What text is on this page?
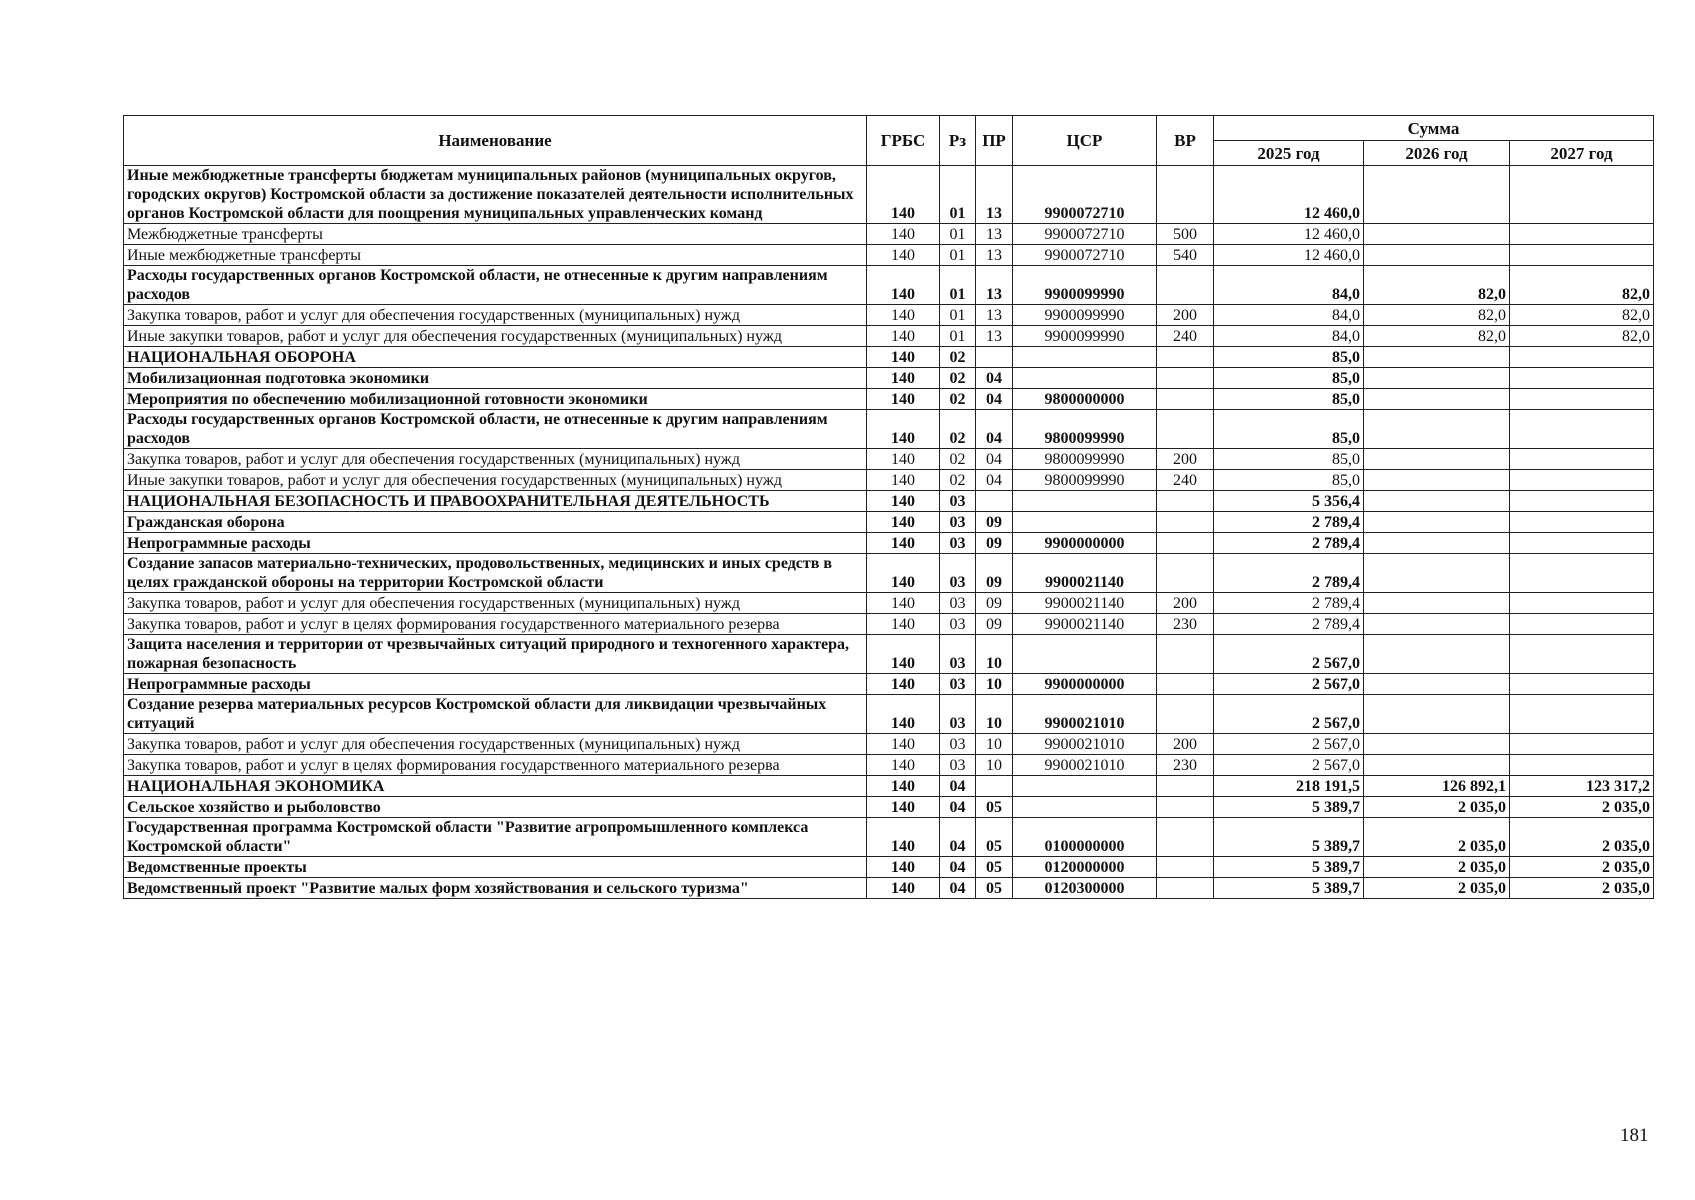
Наименование	ГРБС	Рз	ПР	ЦСР	ВР	Сумма		
						2025 год	2026 год	2027 год
Иные межбюджетные трансферты бюджетам муниципальных районов (муниципальных округов, городских округов) Костромской области за достижение показателей деятельности исполнительных органов Костромской области для поощрения муниципальных управленческих команд	140	01	13	9900072710		12 460,0		
Межбюджетные трансферты	140	01	13	9900072710	500	12 460,0		
Иные межбюджетные трансферты	140	01	13	9900072710	540	12 460,0		
Расходы государственных органов Костромской области, не отнесенные к другим направлениям расходов	140	01	13	9900099990		84,0	82,0	82,0
Закупка товаров, работ и услуг для обеспечения государственных (муниципальных) нужд	140	01	13	9900099990	200	84,0	82,0	82,0
Иные закупки товаров, работ и услуг для обеспечения государственных (муниципальных) нужд	140	01	13	9900099990	240	84,0	82,0	82,0
НАЦИОНАЛЬНАЯ ОБОРОНА	140	02				85,0		
Мобилизационная подготовка экономики	140	02	04			85,0		
Мероприятия по обеспечению мобилизационной готовности экономики	140	02	04	9800000000		85,0		
Расходы государственных органов Костромской области, не отнесенные к другим направлениям расходов	140	02	04	9800099990		85,0		
Закупка товаров, работ и услуг для обеспечения государственных (муниципальных) нужд	140	02	04	9800099990	200	85,0		
Иные закупки товаров, работ и услуг для обеспечения государственных (муниципальных) нужд	140	02	04	9800099990	240	85,0		
НАЦИОНАЛЬНАЯ БЕЗОПАСНОСТЬ И ПРАВООХРАНИТЕЛЬНАЯ ДЕЯТЕЛЬНОСТЬ	140	03				5 356,4		
Гражданская оборона	140	03	09			2 789,4		
Непрограммные расходы	140	03	09	9900000000		2 789,4		
Создание запасов материально-технических, продовольственных, медицинских и иных средств в целях гражданской обороны на территории Костромской области	140	03	09	9900021140		2 789,4		
Закупка товаров, работ и услуг для обеспечения государственных (муниципальных) нужд	140	03	09	9900021140	200	2 789,4		
Закупка товаров, работ и услуг в целях формирования государственного материального резерва	140	03	09	9900021140	230	2 789,4		
Защита населения и территории от чрезвычайных ситуаций природного и техногенного характера, пожарная безопасность	140	03	10			2 567,0		
Непрограммные расходы	140	03	10	9900000000		2 567,0		
Создание резерва материальных ресурсов Костромской области для ликвидации чрезвычайных ситуаций	140	03	10	9900021010		2 567,0		
Закупка товаров, работ и услуг для обеспечения государственных (муниципальных) нужд	140	03	10	9900021010	200	2 567,0		
Закупка товаров, работ и услуг в целях формирования государственного материального резерва	140	03	10	9900021010	230	2 567,0		
НАЦИОНАЛЬНАЯ ЭКОНОМИКА	140	04				218 191,5	126 892,1	123 317,2
Сельское хозяйство и рыболовство	140	04	05			5 389,7	2 035,0	2 035,0
Государственная программа Костромской области "Развитие агропромышленного комплекса Костромской области"	140	04	05	0100000000		5 389,7	2 035,0	2 035,0
Ведомственные проекты	140	04	05	0120000000		5 389,7	2 035,0	2 035,0
Ведомственный проект "Развитие малых форм хозяйствования и сельского туризма"	140	04	05	0120300000		5 389,7	2 035,0	2 035,0
181
